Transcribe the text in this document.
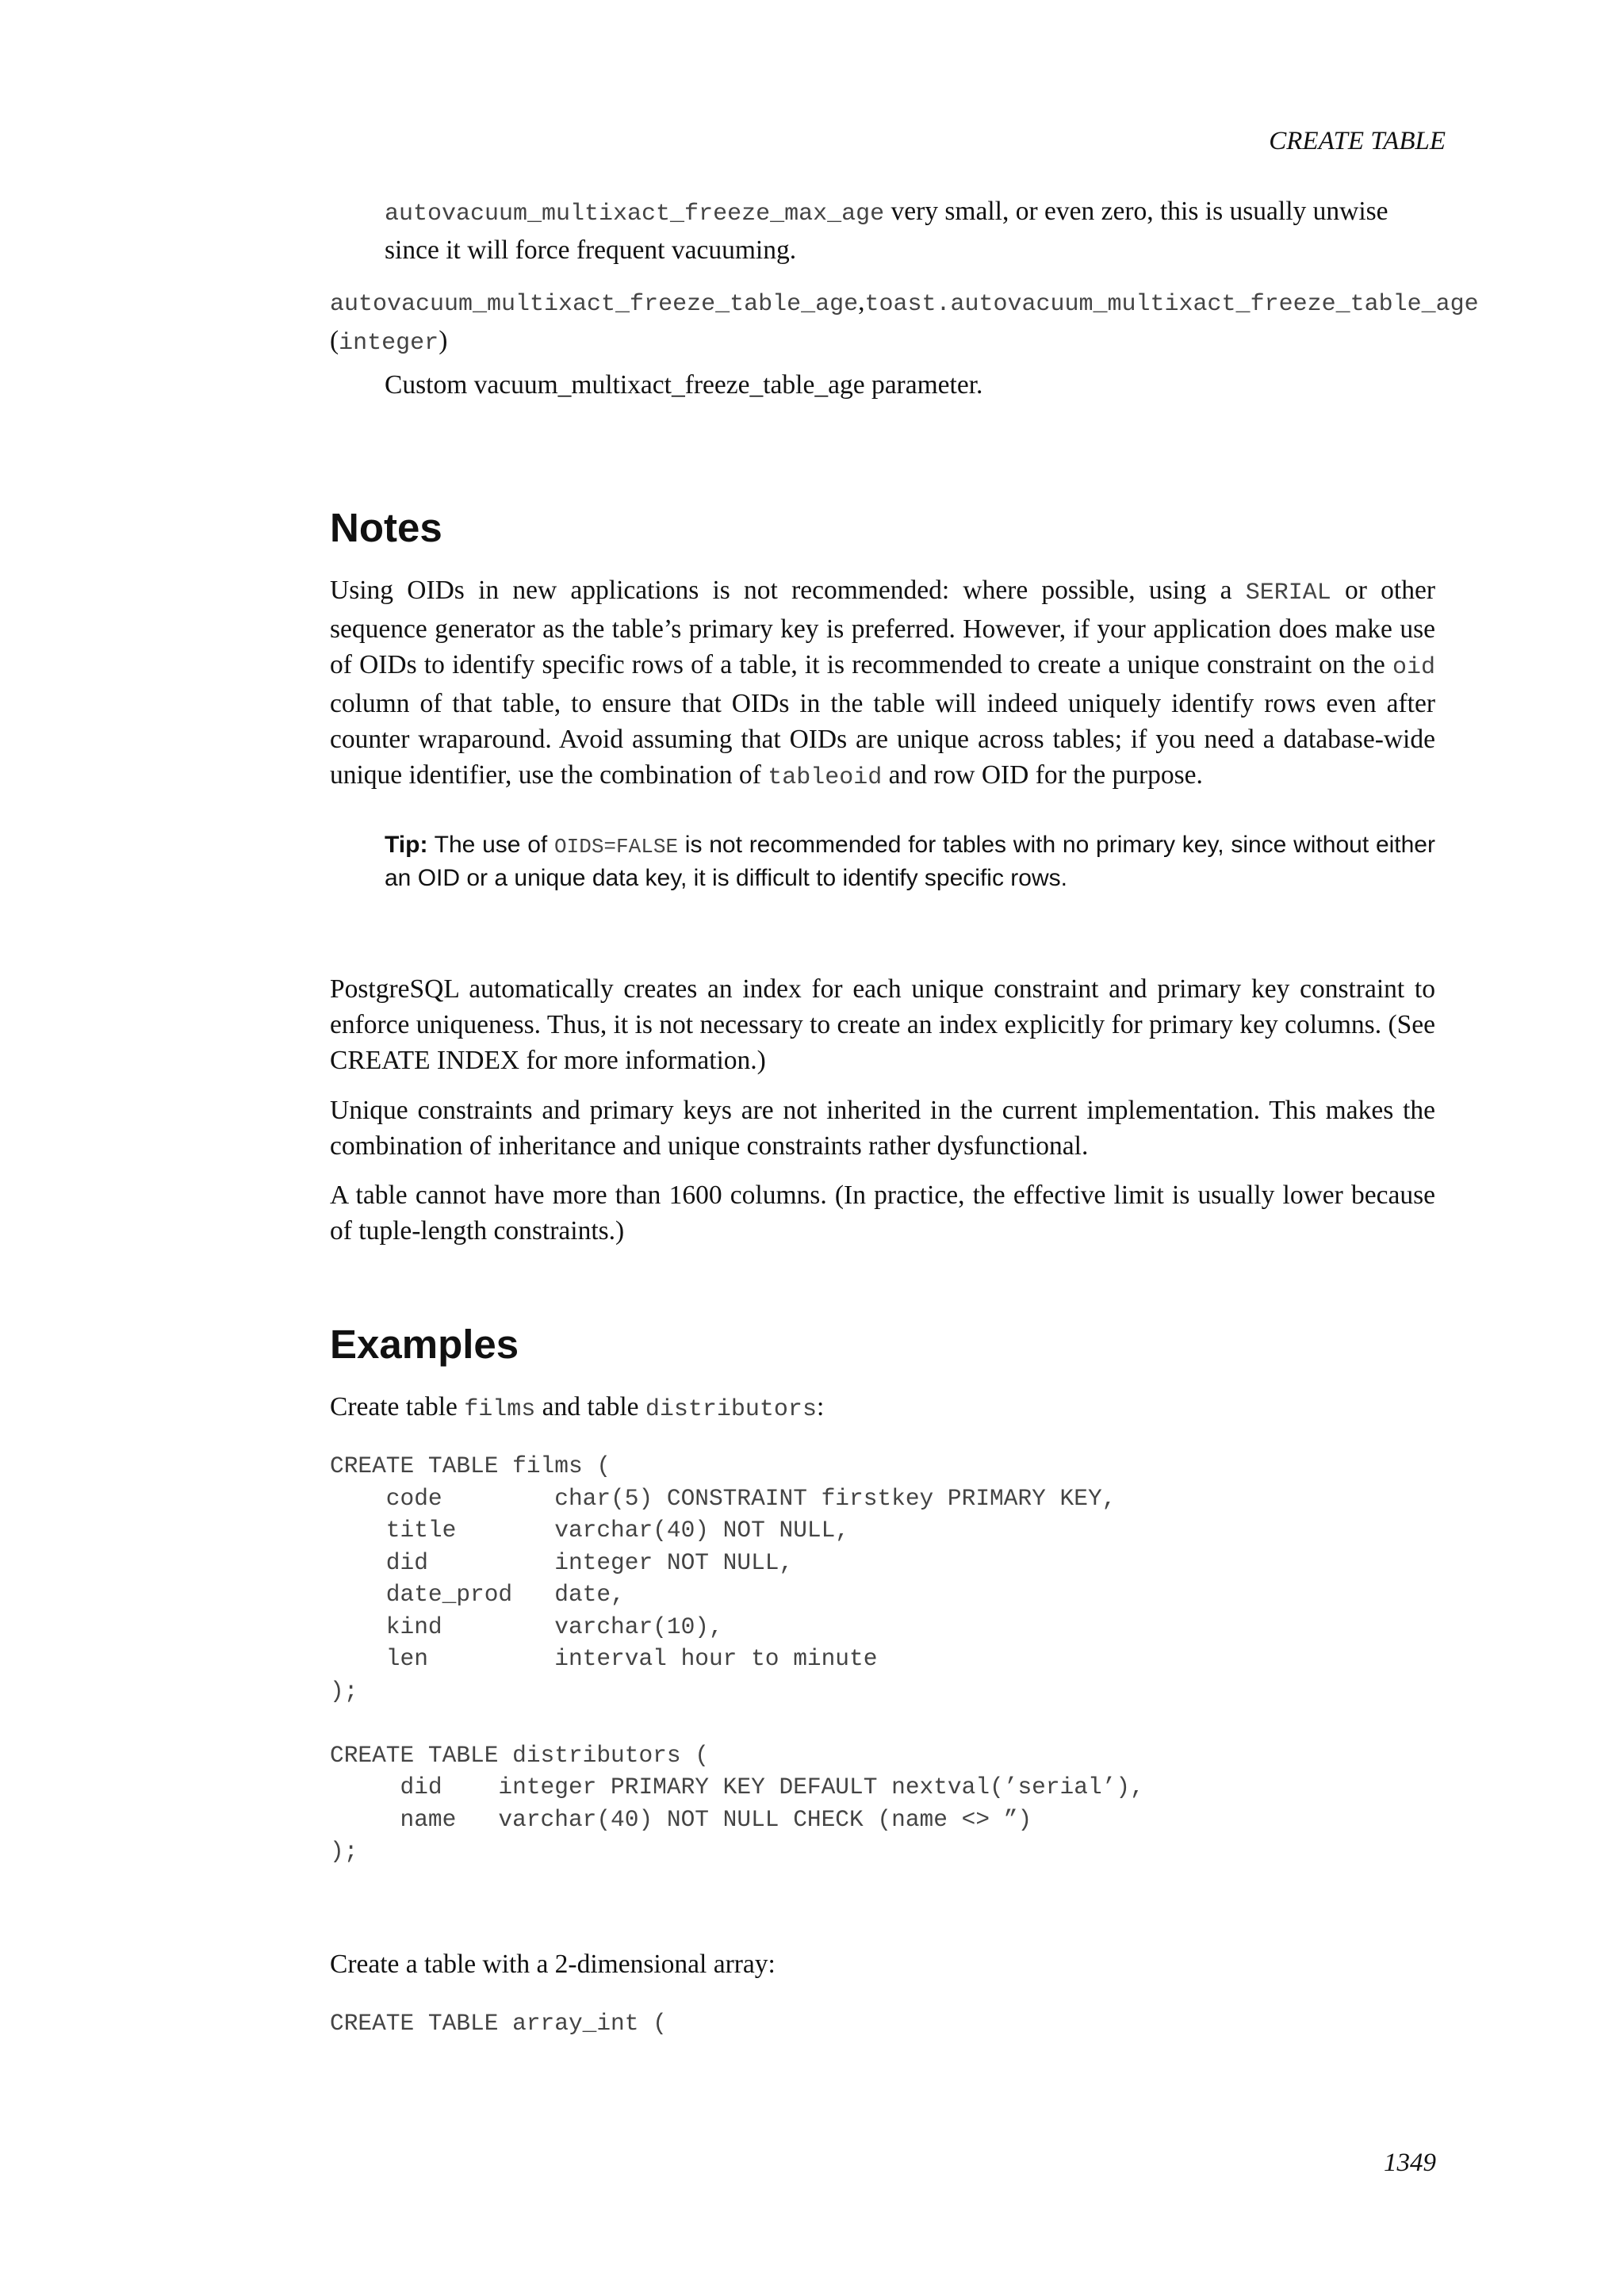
CREATE TABLE

autovacuum_multixact_freeze_max_age very small, or even zero, this is usually unwise
since it will force frequent vacuuming.

autovacuum_multixact_freeze_table_age,toast.autovacuum_multixact_freeze_table_age
(integer)

Custom vacuum_multixact_freeze_table_age parameter.

Notes

Using OIDs in new applications is not recommended: where possible, using a SERIAL or other sequence generator as the table’s primary key is preferred. However, if your application does make use of OIDs to identify specific rows of a table, it is recommended to create a unique constraint on the oid column of that table, to ensure that OIDs in the table will indeed uniquely identify rows even after counter wraparound. Avoid assuming that OIDs are unique across tables; if you need a database-wide unique identifier, use the combination of tableoid and row OID for the purpose.

Tip: The use of OIDS=FALSE is not recommended for tables with no primary key, since without either an OID or a unique data key, it is difficult to identify specific rows.

PostgreSQL automatically creates an index for each unique constraint and primary key constraint to enforce uniqueness. Thus, it is not necessary to create an index explicitly for primary key columns. (See CREATE INDEX for more information.)

Unique constraints and primary keys are not inherited in the current implementation. This makes the combination of inheritance and unique constraints rather dysfunctional.

A table cannot have more than 1600 columns. (In practice, the effective limit is usually lower because of tuple-length constraints.)

Examples

Create table films and table distributors:

CREATE TABLE films (
code        char(5) CONSTRAINT firstkey PRIMARY KEY,
title       varchar(40) NOT NULL,
did         integer NOT NULL,
date_prod   date,
kind        varchar(10),
len         interval hour to minute
);

CREATE TABLE distributors (
did    integer PRIMARY KEY DEFAULT nextval(’serial’),
name   varchar(40) NOT NULL CHECK (name <> ”)
);

Create a table with a 2-dimensional array:

CREATE TABLE array_int (
1349
